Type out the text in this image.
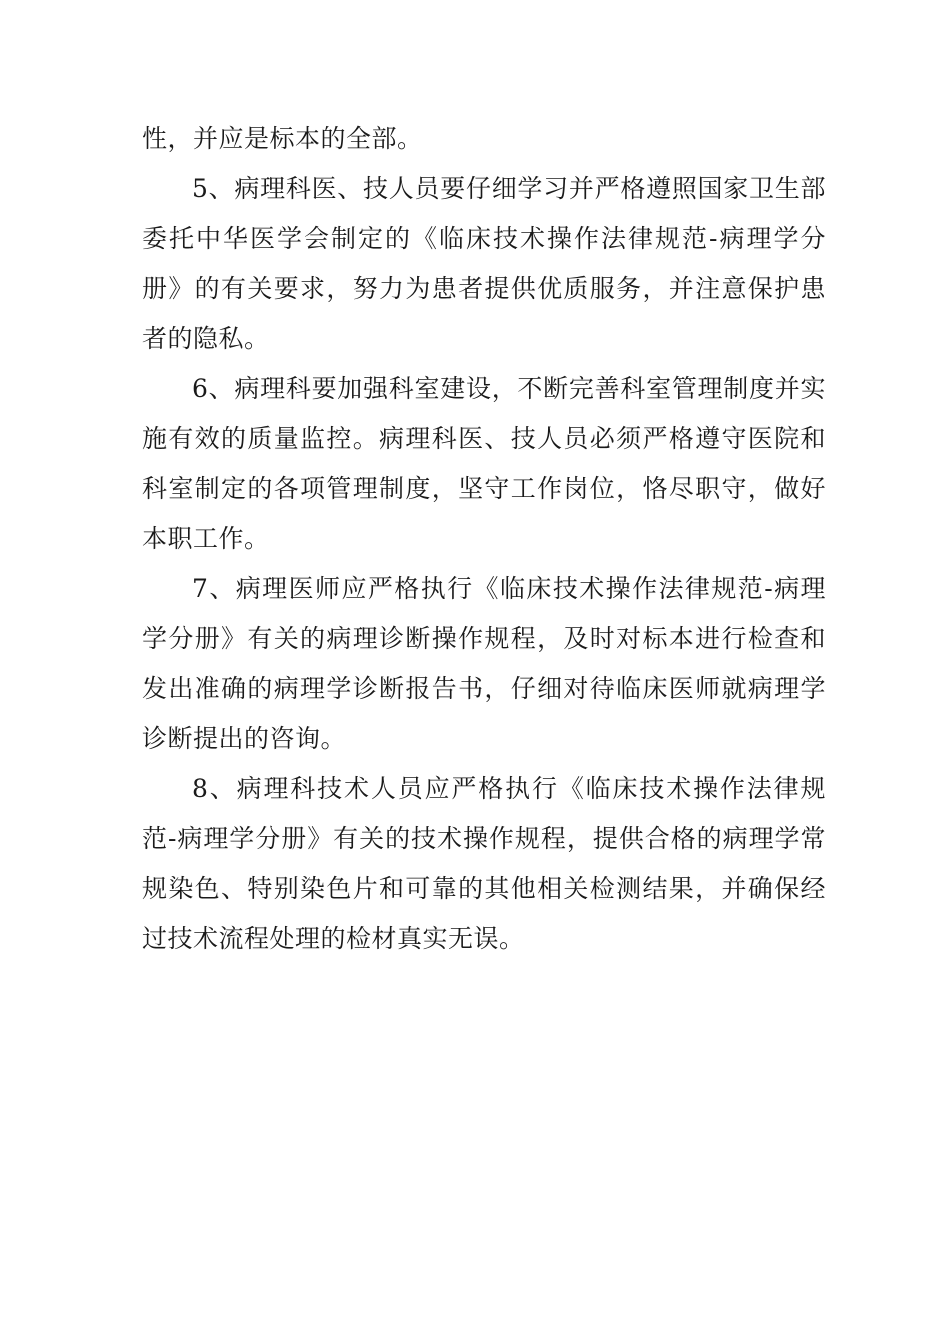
性，并应是标本的全部。

5、病理科医、技人员要仔细学习并严格遵照国家卫生部委托中华医学会制定的《临床技术操作法律规范-病理学分册》的有关要求，努力为患者提供优质服务，并注意保护患者的隐私。

6、病理科要加强科室建设，不断完善科室管理制度并实施有效的质量监控。病理科医、技人员必须严格遵守医院和科室制定的各项管理制度，坚守工作岗位，恪尽职守，做好本职工作。

7、病理医师应严格执行《临床技术操作法律规范-病理学分册》有关的病理诊断操作规程，及时对标本进行检查和发出准确的病理学诊断报告书，仔细对待临床医师就病理学诊断提出的咨询。

8、病理科技术人员应严格执行《临床技术操作法律规范-病理学分册》有关的技术操作规程，提供合格的病理学常规染色、特别染色片和可靠的其他相关检测结果，并确保经过技术流程处理的检材真实无误。
